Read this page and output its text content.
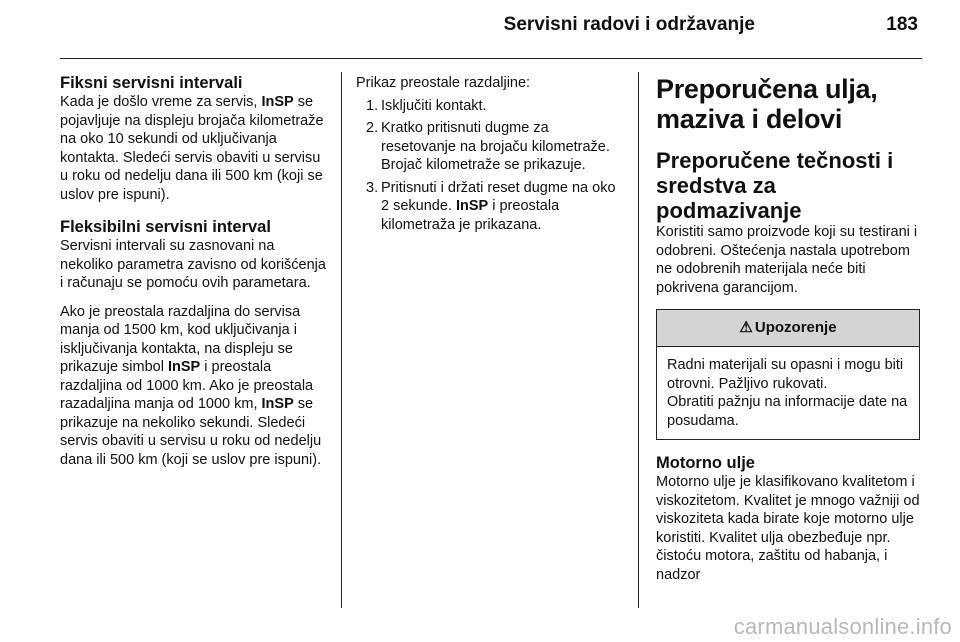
Servisni radovi i održavanje	183
Fiksni servisni intervali

Kada je došlo vreme za servis, InSP se pojavljuje na displeju brojača kilometraže na oko 10 sekundi od uključivanja kontakta. Sledeći servis obaviti u servisu u roku od nedelju dana ili 500 km (koji se uslov pre ispuni).

Fleksibilni servisni interval

Servisni intervali su zasnovani na nekoliko parametra zavisno od korišćenja i računaju se pomoću ovih parametara.

Ako je preostala razdaljina do servisa manja od 1500 km, kod uključivanja i isključivanja kontakta, na displeju se prikazuje simbol InSP i preostala razdaljina od 1000 km. Ako je preostala razadaljina manja od 1000 km, InSP se prikazuje na nekoliko sekundi. Sledeći servis obaviti u servisu u roku od nedelju dana ili 500 km (koji se uslov pre ispuni).

Prikaz preostale razdaljine:

1. Isključiti kontakt.
2. Kratko pritisnuti dugme za resetovanje na brojaču kilometraže. Brojač kilometraže se prikazuje.
3. Pritisnuti i držati reset dugme na oko 2 sekunde. InSP i preostala kilometraža je prikazana.
Preporučena ulja, maziva i delovi
Preporučene tečnosti i sredstva za podmazivanje

Koristiti samo proizvode koji su testirani i odobreni. Oštećenja nastala upotrebom ne odobrenih materijala neće biti pokrivena garancijom.

⚠ Upozorenje

Radni materijali su opasni i mogu biti otrovni. Pažljivo rukovati.

Obratiti pažnju na informacije date na posudama.

Motorno ulje

Motorno ulje je klasifikovano kvalitetom i viskozitetom. Kvalitet je mnogo važniji od viskoziteta kada birate koje motorno ulje koristiti. Kvalitet ulja obezbeđuje npr. čistoću motora, zaštitu od habanja, i nadzor

carmanualsonline.info
